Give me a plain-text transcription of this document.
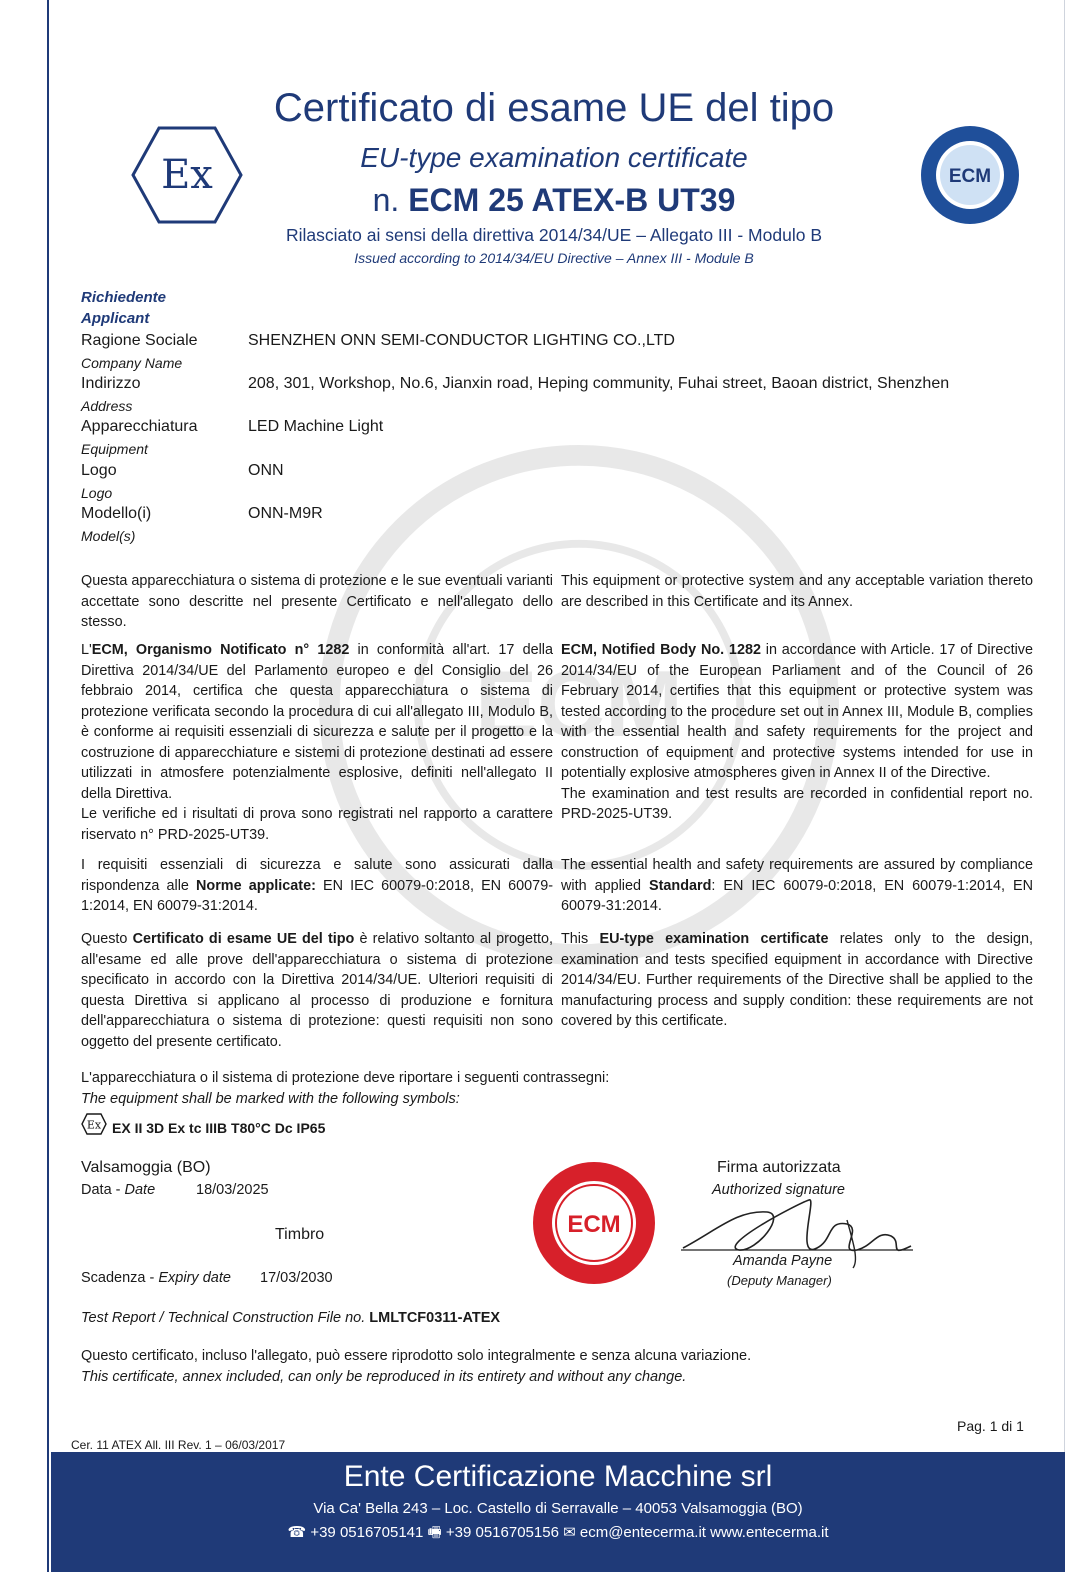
ECM
Ex	ECM
Certificato di esame UE del tipo
EU-type examination certificate
n. ECM 25 ATEX-B UT39
Rilasciato ai sensi della direttiva 2014/34/UE – Allegato III - Modulo B
Issued according to 2014/34/EU Directive – Annex III - Module B
Richiedente
Applicant
Ragione Sociale
Company Name
SHENZHEN ONN SEMI-CONDUCTOR LIGHTING CO.,LTD
Indirizzo
Address
208, 301, Workshop, No.6, Jianxin road, Heping community, Fuhai street, Baoan district, Shenzhen
Apparecchiatura
Equipment
LED Machine Light
Logo
Logo
ONN
Modello(i)
Model(s)
ONN-M9R
Questa apparecchiatura o sistema di protezione e le sue eventuali varianti accettate sono descritte nel presente Certificato e nell'allegato dello stesso.
This equipment or protective system and any acceptable variation thereto are described in this Certificate and its Annex.
L'ECM, Organismo Notificato n° 1282 in conformità all'art. 17 della Direttiva 2014/34/UE del Parlamento europeo e del Consiglio del 26 febbraio 2014, certifica che questa apparecchiatura o sistema di protezione verificata secondo la procedura di cui all'allegato III, Modulo B, è conforme ai requisiti essenziali di sicurezza e salute per il progetto e la costruzione di apparecchiature e sistemi di protezione destinati ad essere utilizzati in atmosfere potenzialmente esplosive, definiti nell'allegato II della Direttiva.
Le verifiche ed i risultati di prova sono registrati nel rapporto a carattere riservato n° PRD-2025-UT39.
ECM, Notified Body No. 1282 in accordance with Article. 17 of Directive 2014/34/EU of the European Parliament and of the Council of 26 February 2014, certifies that this equipment or protective system was tested according to the procedure set out in Annex III, Module B, complies with the essential health and safety requirements for the project and construction of equipment and protective systems intended for use in potentially explosive atmospheres given in Annex II of the Directive.
The examination and test results are recorded in confidential report no. PRD-2025-UT39.
I requisiti essenziali di sicurezza e salute sono assicurati dalla rispondenza alle Norme applicate: EN IEC 60079-0:2018, EN 60079-1:2014, EN 60079-31:2014.
The essential health and safety requirements are assured by compliance with applied Standard: EN IEC 60079-0:2018, EN 60079-1:2014, EN 60079-31:2014.
Questo Certificato di esame UE del tipo è relativo soltanto al progetto, all'esame ed alle prove dell'apparecchiatura o sistema di protezione specificato in accordo con la Direttiva 2014/34/UE. Ulteriori requisiti di questa Direttiva si applicano al processo di produzione e fornitura dell'apparecchiatura o sistema di protezione: questi requisiti non sono oggetto del presente certificato.
This EU-type examination certificate relates only to the design, examination and tests specified equipment in accordance with Directive 2014/34/EU. Further requirements of the Directive shall be applied to the manufacturing process and supply condition: these requirements are not covered by this certificate.
L'apparecchiatura o il sistema di protezione deve riportare i seguenti contrassegni:
The equipment shall be marked with the following symbols:
Ex EX II 3D Ex tc IIIB T80°C Dc IP65
Valsamoggia (BO)
Data - Date	18/03/2025
Timbro
Scadenza - Expiry date 17/03/2030
ECM
Firma autorizzata
Authorized signature
Amanda Payne
(Deputy Manager)
Test Report / Technical Construction File no. LMLTCF0311-ATEX
Questo certificato, incluso l'allegato, può essere riprodotto solo integralmente e senza alcuna variazione.
This certificate, annex included, can only be reproduced in its entirety and without any change.
Pag. 1 di 1
Cer. 11 ATEX All. III Rev. 1 – 06/03/2017
Ente Certificazione Macchine srl
Via Ca' Bella 243 – Loc. Castello di Serravalle – 40053 Valsamoggia (BO)
☎ +39 0516705141 🖷 +39 0516705156 ✉ ecm@entecerma.it www.entecerma.it
